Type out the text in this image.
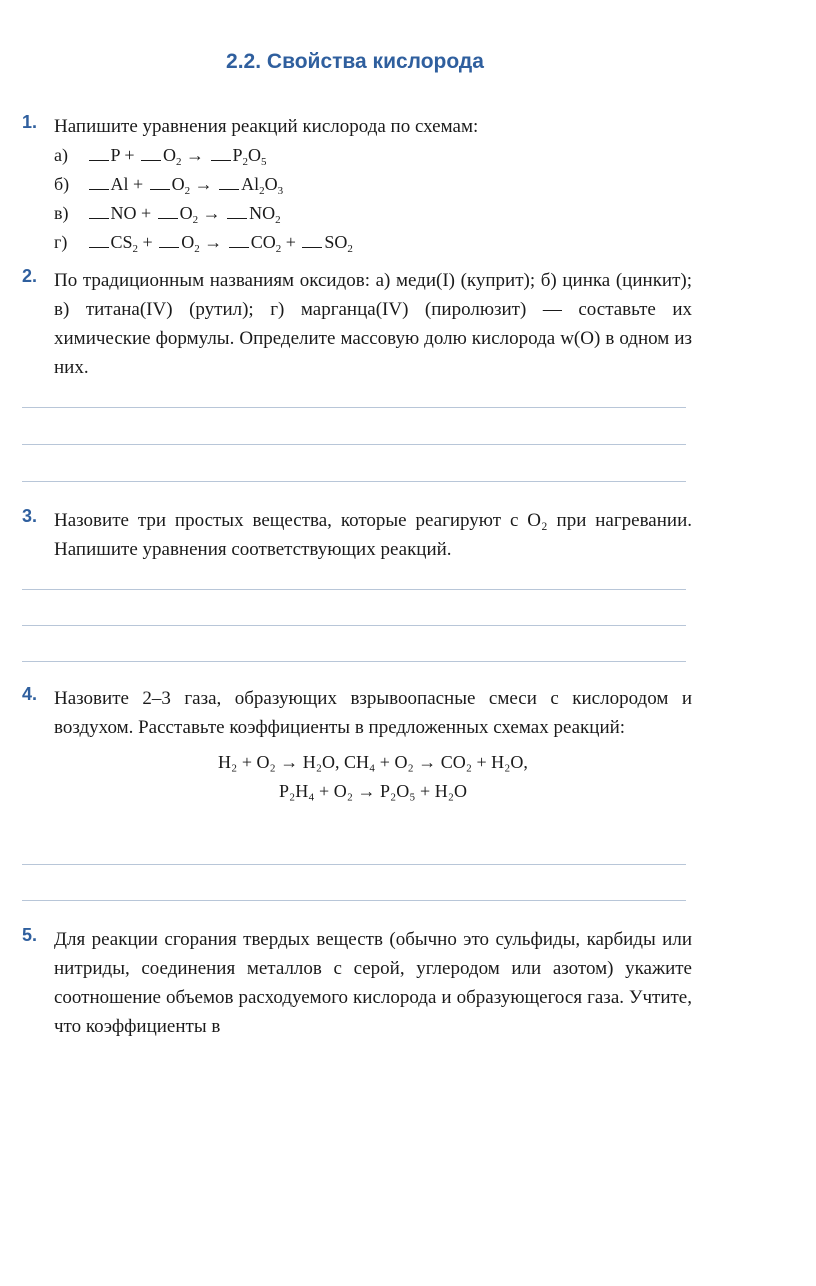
2.2. Свойства кислорода
1. Напишите уравнения реакций кислорода по схемам:
а) $P + O_2 \to P_2O_5$
б) $Al + O_2 \to Al_2O_3$
в) NO + $O_2 \to NO_2$
г) $CS_2 + O_2 \to CO_2 + SO_2$
2. По традиционным названиям оксидов: а) меди(I) (куприт); б) цинка (цинкит); в) титана(IV) (рутил); г) марганца(IV) (пиролюзит) — составьте их химические формулы. Определите массовую долю кислорода w(O) в одном из них.
3. Назовите три простых вещества, которые реагируют с O₂ при нагревании. Напишите уравнения соответствующих реакций.
4. Назовите 2–3 газа, образующих взрывоопасные смеси с кислородом и воздухом. Расставьте коэффициенты в предложенных схемах реакций:
H₂ + O₂ → H₂O, CH₄ + O₂ → CO₂ + H₂O,
P₂H₄ + O₂ → P₂O₅ + H₂O
5. Для реакции сгорания твердых веществ (обычно это сульфиды, карбиды или нитриды, соединения металлов с серой, углеродом или азотом) укажите соотношение объемов расходуемого кислорода и образующегося газа. Учтите, что коэффициенты в
